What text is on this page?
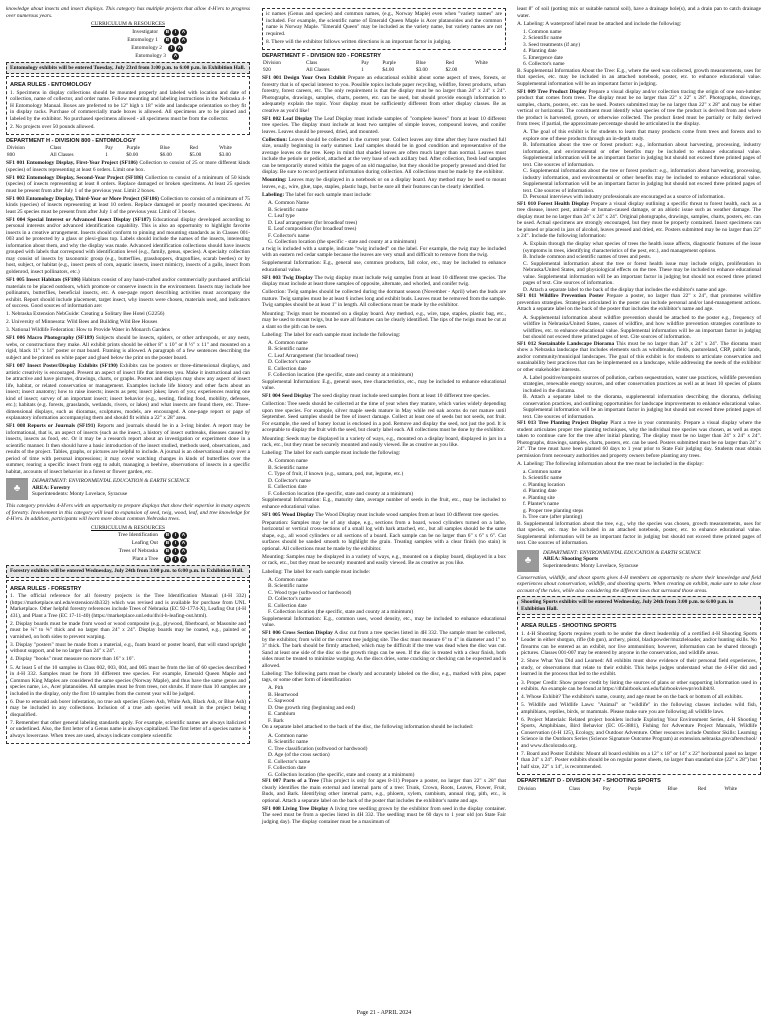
knowledge about insects and insect displays. This category has multiple projects that allow 4-H'ers to progress over numerous years.

CURRICULUM & RESOURCES
Investigator	B I A
Entomology 1	B I A
Entomology 2	I A
Entomology 3	A
Entomology exhibits will be entered Tuesday, July 23rd from 3:00 p.m. to 6:00 p.m. in Exhibition Hall.
AREA RULES - ENTOMOLOGY

1. Specimens in display collections should be mounted properly and labeled with location and date of collection, name of collector, and order name. Follow mounting and labeling instructions in the Nebraska 4-H Entomology Manual. Boxes are preferred to be 12" high x 18" wide and landscape orientation so they fit in display racks. Purchase of commercially made boxes is allowed. All specimens are to be pinned and labeled by the exhibitor. No purchased specimens allowed - all specimens must be from the collector.

2. No projects over 50 pounds allowed.

DEPARTMENT H - DIVISION 800 - ENTOMOLOGY
Division	Class	Pay	Purple	Blue	Red	White
800	All Classes	1	$0.00	$6.00	$5.00	$3.00

SF1 001 Entomology Display, First-Year Project (SF186) Collection to consist of 25 or more different kinds (species) of insects representing at least 6 orders. Limit one box.

SF1 002 Entomology Display, Second-Year Project (SF186) Collection to consist of a minimum of 50 kinds (species) of insects representing at least 8 orders. Replace damaged or broken specimens. At least 25 species must be present from after July 1 of the previous year. Limit 2 boxes.

SF1 003 Entomology Display, Third-Year or More Project (SF186) Collection to consist of a minimum of 75 kinds (species) of insects representing at least 10 orders. Replace damaged or poorly mounted specimens. At least 25 species must be present from after July 1 of the previous year. Limit of 3 boxes.

SF1 004 Special Interest or Advanced Insect Display (SF187) Educational display developed according to personal interests and/or advanced identification capability. This is also an opportunity to highlight favorite insects in a creative arrangement. Insects should conform to pinning and mounting standards as in Classes 001-003 and be protected by a glass or plexi-glass top. Labels should include the names of the insects, interesting information about them, and why the display was made. Advanced identification collections should have insects grouped with labels that correspond with identification level (e.g., family, genus, species). A specialty collection may consist of insects by taxonomic group (e.g., butterflies, grasshoppers, dragonflies, scarab beetles) or by host, subject, or habitat (e.g., insect pests of corn, aquatic insects, insect mimicry, insects of a galls, insect from goldenrod, insect pollinators, etc.)

SF1 005 Insect Habitats (SF186) Habitats consist of any hand-crafted and/or commercially purchased artificial materials to be placed outdoors, which promote or conserve insects in the environment. Insects may include bee pollinators, butterflies, beneficial insects, etc. A one-page report describing activities must accompany the exhibit. Report should include placement, target insect, why insects were chosen, materials used, and indicators of success. Good sources of information are:

1. Nebraska Extension NebGuide: Creating a Solitary Bee Hotel (G2256)

2. University of Minnesota: Wild Bees and Building Wild Bee Houses

3. National Wildlife Federation: How to Provide Water in Monarch Gardens

SF1 006 Macro Photography (SF189) Subjects should be insects, spiders, or other arthropods, or any nests, webs, or constructions they make. All exhibit prints should be either 8" x 10" or 8 ½" x 11" and mounted on a rigid, black 11" x 14" poster or mat board. Framing is allowed. A paragraph of a few sentences describing the subject and be printed on white paper and glued below the print on the poster board.

SF1 007 Insect Poster/Display Exhibits (SF190) Exhibits can be posters or three-dimensional displays, and artistic creativity is encouraged. Present an aspect of insect life that interests you. Make it instructional and can be attractive and have pictures, drawings, charts, or graphs. Posters and displays may show any aspect of insect life, habitat, or related conservation or management. Examples include life history and other facts about an insect; insect anatomy; how to raise insects; insects as pets; insect jokes; lawn of you; experiences rearing one kind of insect; survey of an important insect; insect behavior (e.g., nesting, finding food, mobility, defenses, etc.); habitats (e.g. forests, grasslands, wetlands, rivers, or lakes) and what insects are found there, etc. Three-dimensional displays, such as dioramas, sculptures, models, are encouraged. A one-page report or page of explanatory information accompanying them and should fit within a 22" x 28" area.

SF1 008 Reports or Journals (SF191) Reports and journals should be in a 3-ring binder. A report may be informational, that is, an aspect of insects (such as the insect, a history of insect outbreaks, diseases caused by insects, insects as food, etc. Or it may be a research report about an investigation or experiment done in a scientific manner. It then should have a basic introduction of the insect studied, methods used, observations, and results of the project. Tables, graphs, or pictures are helpful to include. A journal is an observational study over a period of time with personal impressions; it may cover watching changes in kinds of butterflies over the summer, rearing a specific insect from egg to adult, managing a beehive, observations of insects in a specific habitat, accounts of insect behavior in a forest or flower garden, etc.

♣
DEPARTMENT: ENVIRONMENTAL EDUCATION & EARTH SCIENCE
AREA: Forestry
Superintendents: Monty Lovelace, Syracuse

This category provides 4-H'ers with an opportunity to prepare displays that show their expertise in many aspects of forestry. Involvement in this category will lead to expansion of seed, twig, wood, leaf, and tree knowledge for 4-H'ers. In addition, participants will learn more about common Nebraska trees.

CURRICULUM & RESOURCES
Tree Identification	B I A
Leafing Out	B I A
Trees of Nebraska	B I A
Plant a Tree	B I A
Forestry exhibits will be entered Wednesday, July 24th from 3:00 p.m. to 6:00 p.m. in Exhibition Hall.
AREA RULES - FORESTRY

1. The official reference for all forestry projects is the Tree Identification Manual (4-H 332) (https://marketplace.unl.edu/extension/4h332) which was revised and is available for purchase from UNL Marketplace. Other helpful forestry references include Trees of Nebraska (EC 92-1774-X), Leafing Out (4-H 431), and Plant a Tree (EC 17-11-40) (https://marketplace.unl.edu/4h/4-h-leafing-out.html).

2. Display boards must be made from wood or wood composite (e.g., plywood, fiberboard, or Masonite and must be ¼" to ¾" thick and no larger than 24" x 24". Display boards may be coated, e.g., painted or varnished, on both sides to prevent warping.

3. Display "posters" must be made from a material, e.g., foam board or poster board, that will stand upright without support, and be no larger than 24" x 24".

4. Display "books" must measure no more than 16" x 16".

5. At least 5 of the 10 samples in Class 002, 003, 004, and 005 must be from the list of 60 species described in 4-H 332. Samples must be from 10 different tree species. For example, Emerald Queen Maple and Common King Maples are considered the same species (Norway Maple), and thus have the same genus and species name, i.e., Acer platanoides. All samples must be from trees, not shrubs. If more than 10 samples are included in the display, only the first 10 samples from the current year will be judged.

6. Due to emerald ash borer infestation, no true ash species (Green Ash, White Ash, Black Ash, or Blue Ash) may be included in any collections. Inclusion of a true ash species will result in the project being disqualified.

7. Remember that other general labeling standards apply. For example, scientific names are always italicized or underlined. Also, the first letter of a Genus name is always capitalized. The first letter of a species name is always lowercase. When trees are used, always indicate complete scientific

ic names (Genus and species) and common names, (e.g., Norway Maple) even when "variety names" are included. For example, the scientific name of Emerald Queen Maple is Acer platanoides and the common name is Norway Maple. "Emerald Queen" may be included as the variety name, but variety names are not required.

8. There will the exhibitor follows written directions is an important factor in judging.

DEPARTMENT F - DIVISION 920 - FORESTRY
Division	Class	Pay	Purple	Blue	Red	White
920	All Classes	1	$4.00	$3.00	$2.00	

SF1 001 Design Your Own Exhibit Prepare an educational exhibit about some aspect of trees, forests, or forestry that is of special interest to you. Possible topics include paper recycling, wildfire, forest products, urban forestry, forest careers, etc. The only requirement is that the display must be no larger than 24" x 24" x 24". Photographs, drawings, samples, charts, posters, etc. can be used, but should provide enough information to adequately explain the topic. Your display must be sufficiently different from other display classes. Be as creative as you'd like!

SF1 002 Leaf Display The Leaf Display must include samples of "complete leaves" from at least 10 different tree species. The display must include at least two samples of simple leaves, compound leaves, and conifer leaves. Leaves should be pressed, dried, and mounted.

Collection: Leaves should be collected in the current year. Collect leaves any time after they have reached full size, usually beginning in early summer. Leaf samples should be in good condition and representative of the average leaves on the tree. Keep in mind that shaded leaves are often much larger than normal. Leaves must include the petiole or pedicel, attached at the very base of each axillary bud. After collection, fresh leaf samples can be temporarily stored within the pages of an old magazine, but they should be properly pressed and dried for display. Be sure to record pertinent information during collection. All collections must be made by the exhibitor.

Mounting: Leaves may be displayed in a notebook or on a display board. Any method may be used to mount leaves, e.g., wire, glue, tape, staples, plastic bags, but be sure all their features can be clearly identified.

Labeling: The label for each sample must include:

A. Common Name

B. Scientific name

C. Leaf type

D. Leaf arrangement (for broadleaf trees)

E. Leaf composition (for broadleaf trees)

F. Collector's name

G. Collection location (the specific - state and county at a minimum)

a twig is included with a sample, indicate "twig included" on the label. For example, the twig may be included with an eastern red cedar sample because the leaves are very small and difficult to remove from the twig.

Supplemental Information: E.g., general use, common products, fall color, etc., may be included to enhance educational value.

SF1 003 Twig Display The twig display must include twig samples from at least 10 different tree species. The display must include at least three samples of opposite, alternate, and whorled, and conifer twig.

Collection: Twig samples should be collected during the dormant season (November - April) when the buds are mature. Twig samples must be at least 6 inches long and exhibit buds. Leaves must be removed from the sample. Twig samples should be at least 1" in length. All collections must be made by the exhibitor.

Mounting: Twigs must be mounted on a display board. Any method, e.g., wire, tape, staples, plastic bag, etc., may be used to mount twigs, but be sure all features can be clearly identified. The tips of the twigs must be cut at a slant so the pith can be seen.

Labeling: The label for each sample must include the following:

A. Common name

B. Scientific name

C. Leaf Arrangement (for broadleaf trees)

D. Collector's name

E. Collection date

F. Collection location (the specific, state and county at a minimum)

Supplemental Information: E.g., general uses, tree characteristics, etc., may be included to enhance educational value.

SF1 004 Seed Display The seed display must include seed samples from at least 10 different tree species.

Collection: Tree seeds should be collected at the time of year when they mature, which varies widely depending upon tree species. For example, silver maple seeds mature in May while red oak acorns do not mature until September. Seed samples should be free of insect damage. Collect at least one of seeds but not seeds, not fruit. For example, the seed of honey locust is enclosed in a pod. Remove and display the seed, not just the pod. It is acceptable to display the fruit with the seed, but clearly label each. All collections must be done by the exhibitor.

Mounting: Seeds may be displayed in a variety of ways, e.g., mounted on a display board, displayed in jars in a rack, etc., but they must be securely mounted and easily viewed. Be as creative as you like.

Labeling: The label for each sample must include the following:

A. Common name

B. Scientific name

C. Type of fruit, if known (e.g., samara, pod, nut, legume, etc.)

D. Collector's name

E. Collection date

F. Collection location (the specific, state and county at a minimum)

Supplemental Information: E.g., maturity date, average number of seeds in the fruit, etc., may be included to enhance educational value.

SF1 005 Wood Display The Wood Display must include wood samples from at least 10 different tree species.

Preparation: Samples may be of any shape, e.g., sections from a board, wood cylinders turned on a lathe, horizontal or vertical cross-sections of a small log with bark attached, etc., but all samples should be the same shape, e.g., all wood cylinders or all sections of a board. Each sample can be no larger than 6" x 6" x 6". Cut surfaces should be sanded smooth to highlight the grain. Treating samples with a clear finish (no stain) is optional. All collections must be made by the exhibitor.

Mounting: Samples may be displayed in a variety of ways, e.g., mounted on a display board, displayed in a box or rack, etc., but they must be securely mounted and easily viewed. Be as creative as you like.

Labeling: The label for each sample must include:

A. Common name

B. Scientific name

C. Wood type (softwood or hardwood)

D. Collector's name

E. Collection date

F. Collection location (the specific, state and county at a minimum)

Supplemental Information: E.g., common uses, wood density, etc., may be included to enhance educational value.

SF1 006 Cross Section Display A disc cut from a tree species listed in 4H 332. The sample must be collected, by the exhibitor, from wild or the current tree judging site. The disc must measure 6" to 4" in diameter and 1" to 3" thick. The bark should be firmly attached, which may be difficult if the tree was dead when the disc was cut. Sand at least one side of the disc so the growth rings can be seen. If the disc is treated with a clear finish, both sides must be treated to minimize warping. As the discs dries, some cracking or checking can be expected and is allowed.

Labeling: The following parts must be clearly and accurately labeled on the disc, e.g., marked with pins, paper tags, or some other form of identification

A. Pith

B. Heartwood

C. Sapwood

D. One growth ring (beginning and end)

E. Cambium

F. Bark

On a separate label attached to the back of the disc, the following information should be included:

A. Common name

B. Scientific name

C. Tree classification (softwood or hardwood)

D. Age (of the cross section)

E. Collector's name

F. Collection date

G. Collection location (the specific, state and county at a minimum)

SF1 007 Parts of a Tree (This project is only for ages 8-11) Prepare a poster, no larger than 22" x 28" that clearly identifies the main external and internal parts of a tree: Trunk, Crown, Roots, Leaves, Flower, Fruit, Buds, and Bark. Identifying other internal parts, e.g., phloem, xylem, cambium, annual ring, pith, etc., is optional. Attach a separate label on the back of the poster that includes the exhibitor's name and age.

SF1 008 Living Tree Display A living tree seedling grown by the exhibitor from seed in the display container. The seed must be from a species listed in 4H 332. The seedling must be 60 days to 1 year old (on State Fair judging day). The display container must be a maximum of

least 8" of soil (potting mix or suitable natural soil), have a drainage hole(s), and a drain pan to catch drainage water.

A. Labeling: A waterproof label must be attached and include the following:

1. Common name

2. Scientific name

3. Seed treatments (if any)

4. Planting date

5. Emergence date

6. Collector's name

B. Supplemental Information About the Tree: E.g., where the seed was collected, growth measurements, uses for that species, etc. may be included in an attached notebook, poster, etc. to enhance educational value. Supplemental information will be an important factor in judging.

SF1 009 Tree Product Display Prepare a visual display and/or collection tracing the origin of one non-lumber product that comes from trees. The display must be no larger than 22" x 22" x 28". Photographs, drawings, samples, charts, posters, etc. can be used. Posters submitted may be no larger than 22" x 28" and may be either vertical or horizontal. The constituent must identify what species of tree the product is derived from and where the product is harvested, grown, or otherwise collected. The product listed must be partially or fully derived from trees; if partial, the approximate percentage should be articulated in the display.

A. The goal of this exhibit is for students to learn that many products come from trees and forests and to explore one of these products through an in-depth study.

B. Information about the tree or forest product: e.g., information about harvesting, processing, industry information, and environmental or other benefits may be included to enhance educational value. Supplemental information will be an important factor in judging but should not exceed three printed pages of text. Cite sources of information.

C. Supplemental information about the tree or forest product: e.g., information about harvesting, processing, industry information, and environmental or other benefits may be included to enhance educational value. Supplemental information will be an important factor in judging but should not exceed three printed pages of text. Cite sources of information.

D. Personal interviews with industry professionals are encouraged as a source of information.

SF1 010 Forest Health Display Prepare a visual display outlining a specific threat to forest health, such as a tree disease, insect pest, animal- or human-caused damage, or an abiotic issue such as weather damage. The display must be no larger than 24" x 24" x 24". Original photographs, drawings, samples, charts, posters, etc. can be used. Actual specimens are strongly encouraged, but they must be properly contained. Insect specimens can be pinned or placed in jars of alcohol, leaves pressed and dried, etc. Posters submitted may be no larger than 22" x 24". Include the following information:

A. Explain through the display what species of trees the health issue affects, diagnostic features of the issue (symptoms in trees, identifying characteristics of the pest, etc.), and management options.

B. Include common and scientific names of trees and pests.

C. Supplemental information about the tree or forest health issue may include origin, proliferation in Nebraska/United States, and physiological effects on the tree. These may be included to enhance educational value. Supplemental information will be an important factor in judging but should not exceed three printed pages of text. Cite sources of information.

D. Attach a separate label to the back of the display that includes the exhibitor's name and age.

SF1 011 Wildfire Prevention Poster Prepare a poster, no larger than 22" x 24", that promotes wildfire prevention strategies. Strategies articulated in the poster can include personal and/or land-management actions. Attach a separate label on the back of the poster that includes the exhibitor's name and age.

A. Supplemental information about wildfire prevention should be attached to the poster e.g., frequency of wildfire in Nebraska/United States, causes of wildfire, and how wildfire prevention strategies contribute to wildfires, etc. to enhance educational value. Supplemental information will be an important factor in judging but should not exceed three printed pages of text. Cite sources of information.

SF1 012 Sustainable Landscape Diorama This must be no larger than 24" x 24" x 24". The diorama must show a Nebraska landscape that includes elements such as windbreaks, fields, pastureland, CRP, public lands, and/or community/municipal landscapes. The goal of this exhibit is for students to articulate conservation and sustainability best practices that can be implemented on a landscape, while addressing the needs of the exhibitor or other stakeholder interests.

A. Label positive/nonpoint sources of pollution, carbon sequestration, water use practices, wildlife prevention strategies, renewable energy sources, and other conservation practices as well as at least 10 species of plants included in the diorama.

B. Attach a separate label to the diorama, supplemental information describing the diorama, defining conservation practices, and outlining opportunities for landscape improvements to enhance educational value. Supplemental information will be an important factor in judging but should not exceed three printed pages of text. Cite sources of information.

SF1 013 Tree Planting Project Display Plant a tree in your community. Prepare a visual display where the student articulates proper tree planting techniques, why the individual tree species was chosen, as well as steps taken to continue care for the tree after initial planting. The display must be no larger than 24" x 24" x 24". Photographs, drawings, samples, charts, posters, etc. can be used. Posters submitted must be no larger than 24" x 24". The tree must have been planted 60 days to 1 year prior to State Fair judging day. Students must obtain permission from necessary authorities and property owners before planting any trees.

A. Labeling: The following information about the tree must be included in the display:

a. Common name

b. Scientific name

c. Planting location

d. Planting date

e. Planting site

f. Planter's name

g. Proper tree planting steps

h. Tree care (after planting)

B. Supplemental information about the tree, e.g., why the species was chosen, growth measurements, uses for that species, etc. may be included in an attached notebook, poster, etc. to enhance educational value. Supplemental information will be an important factor in judging but should not exceed three printed pages of text. Cite sources of information.

♣
DEPARTMENT: ENVIRONMENTAL EDUCATION & EARTH SCIENCE
AREA: Shooting Sports
Superintendents: Monty Lovelace, Syracuse

Conservation, wildlife, and shoot sports gives 4-H members an opportunity to share their knowledge and field experiences about conservation, wildlife, and shooting sports. When creating an exhibit, make sure to take close account of the rules, while also considering the different laws that surround those areas.

Shooting Sports exhibits will be entered Wednesday, July 24th from 3:00 p.m. to 6:00 p.m. in Exhibition Hall.
AREA RULES - SHOOTING SPORTS

1. 4-H Shooting Sports requires youth to be under the direct leadership of a certified 4-H Shooting Sports Leader in either shotgun, rifle (bb gun), archery, pistol, blackpowder/muzzleloader, and/or hunting skills. No firearms can be entered as an exhibit, nor live ammunition; however, information can be shared through pictures. Classes 001-007 may be entered by anyone in the conservation, and wildlife areas.

2. Show What You Did and Learned: All exhibits must show evidence of their personal field experiences, study, or observations that relate to their exhibit. This helps judges understand what the 4-H'er did and learned in the process that led to the exhibit.

3. Proper Credit: Show proper credit by listing the sources of plans or other supporting information used in exhibits. An example can be found at https://4hfairbook.unl.edu/fairbookviewpr/exhibit/8.

4. Whose Exhibit? The exhibitor's name, county, and age must be on the back or bottom of all exhibits.

5. Wildlife and Wildlife Laws: "Animal" or "wildlife" in the following classes includes wild fish, amphibians, reptiles, birds, or mammals. Please make sure you are following all wildlife laws.

6. Project Materials: Related project booklets include Exploring Your Environment Series, 4-H Shooting Sports, Amphibians, Bird Behavior (EC 05-3881), Fishing for Adventure Project Manuals, Wildlife Conservation (4-H 125), Ecology, and Outdoor Adventure. Other resources include Outdoor Skills: Learning Science in the Outdoors Series (Science Signature Outcome Program) at extension.nebraska.gov/afterschool/ and www.4hcolorado.org.

7. Board and Poster Exhibits: Mount all board exhibits on a 12" x 18" or 14" x 22" horizontal panel no larger than 24" x 24". Poster exhibits should be on regular poster sheets, no larger than standard size (22" x 28") but half size, 22" x 14", is recommended.

DEPARTMENT D - DIVISION 347 - SHOOTING SPORTS
Division	Class	Pay	Purple	Blue	Red	White
Page 21 - APRIL 2024
